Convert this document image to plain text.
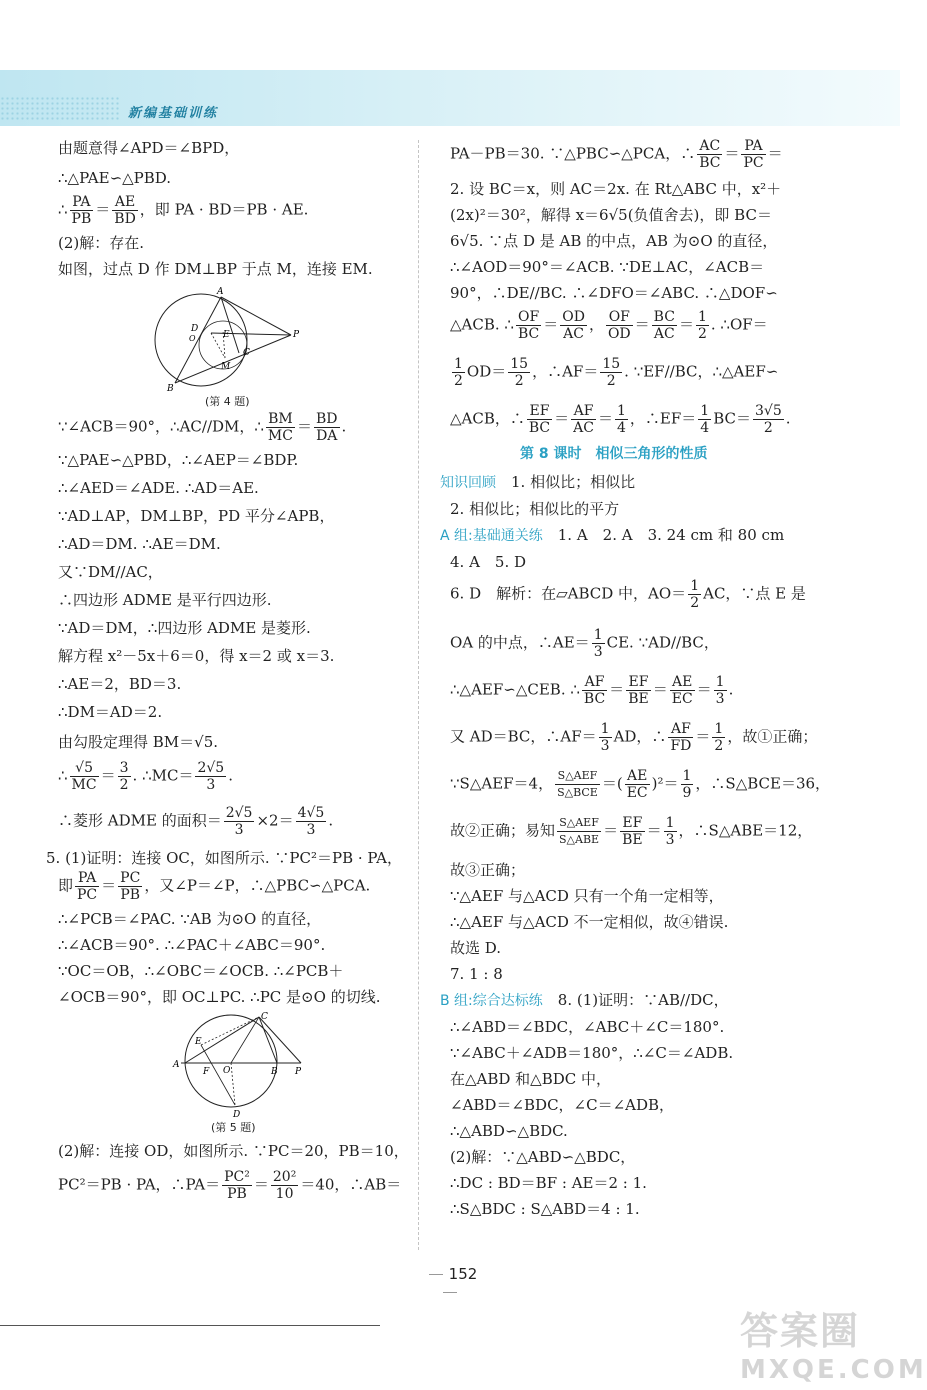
新编基础训练
由题意得∠APD＝∠BPD，
∴△PAE∽△PBD.
∴ $\frac{PA}{PB} = \frac{AE}{BD}$ ，即 PA · BD＝PB · AE.
(2)解：存在.
如图，过点 D 作 DM⊥BP 于点 M，连接 EM.
A
D
O	E
C
M
B
P
(第 4 题)
∵∠ACB＝90°，∴AC//DM，∴ $\frac{BM}{MC} = \frac{BD}{DA}$ .
∵△PAE∽△PBD，∴∠AEP＝∠BDP.
∴∠AED＝∠ADE. ∴AD＝AE.
∵AD⊥AP，DM⊥BP，PD 平分∠APB，
∴AD＝DM. ∴AE＝DM.
又∵DM//AC，
∴四边形 ADME 是平行四边形.
∵AD＝DM，∴四边形 ADME 是菱形.
解方程 x²－5x＋6＝0，得 x＝2 或 x＝3.
∴AE＝2，BD＝3.
∴DM＝AD＝2.
由勾股定理得 BM＝√5.
∴ $\frac{√5}{MC} = \frac{3}{2}$ . ∴MC＝ $\frac{2√5}{3}$ .
∴菱形 ADME 的面积＝ $\frac{2√5}{3} \times 2= \frac{4√5}{3}$ .
5. (1)证明：连接 OC，如图所示. ∵PC²＝PB · PA，
即 $\frac{PA}{PC} = \frac{PC}{PB}$ ，又∠P＝∠P，∴△PBC∽△PCA.
∴∠PCB＝∠PAC. ∵AB 为⊙O 的直径，
∴∠ACB＝90°. ∴∠PAC＋∠ABC＝90°.
∵OC＝OB，∴∠OBC＝∠OCB. ∴∠PCB＋
∠OCB＝90°，即 OC⊥PC. ∴PC 是⊙O 的切线.
C
E
A
F O	B P
D
(第 5 题)
(2)解：连接 OD，如图所示. ∵PC＝20，PB＝10，
PC²＝PB · PA，∴PA＝ $\frac{\text{PC²}}{PB} = \frac{\text{20²}}{10} =40$，∴AB＝
PA－PB＝30. ∵△PBC∽△PCA，∴ $\frac{AC}{BC} = \frac{PA}{PC}$ ＝
2. 设 BC＝x，则 AC＝2x. 在 Rt△ABC 中，x²＋
(2x)²＝30²，解得 x＝6√5(负值舍去)，即 BC＝
6√5. ∵点 D 是 AB 的中点，AB 为⊙O 的直径，
∴∠AOD＝90°＝∠ACB. ∵DE⊥AC，∠ACB＝
90°，∴DE//BC. ∴∠DFO＝∠ABC. ∴△DOF∽
△ACB. ∴ $\frac{OF}{BC} = \frac{OD}{AC}$ ， $\frac{OF}{OD} = \frac{BC}{AC} = \frac{1}{2}$ . ∴OF＝
$\frac{1}{2} OD= \frac{15}{2}$ ，∴AF＝ $\frac{15}{2}$ . ∵EF//BC，∴△AEF∽
△ACB，∴ $\frac{EF}{BC} = \frac{AF}{AC} = \frac{1}{4}$ ，∴EF＝ $\frac{1}{4} BC= \frac{3√5}{2}$ .
第 8 课时　相似三角形的性质
知识回顾　 1. 相似比；相似比
2. 相似比；相似比的平方
A 组:基础通关练　 1. A　2. A　3. 24 cm 和 80 cm
4. A　5. D
6. D　解析：在▱ABCD 中，$AO= \frac{1}{2}$ AC，∵点 E 是
OA 的中点，∴AE＝ $\frac{1}{3}$ CE. ∵AD//BC，
∴△AEF∽△CEB. ∴ $\frac{AF}{BC} = \frac{EF}{BE} = \frac{AE}{EC} = \frac{1}{3}$ .
又 AD＝BC，∴AF＝ $\frac{1}{3}$ AD，∴ $\frac{AF}{FD} = \frac{1}{2}$ ，故①正确；
∵S△AEF＝4， $\frac{\text{S△AEF}}{\text{S△BCE}}$ ＝( $\frac{AE}{EC} )^2= \frac{1}{9}$ ，∴S△BCE＝36，
故②正确；易知 $\frac{\text{S△AEF}}{\text{S△ABE}} = \frac{EF}{BE} = \frac{1}{3}$ ，∴S△ABE＝12，
故③正确；
∵△AEF 与△ACD 只有一个角一定相等，
∴△AEF 与△ACD 不一定相似，故④错误.
故选 D.
7. 1 : 8
B 组:综合达标练　 8. (1)证明：∵AB//DC，
∴∠ABD＝∠BDC，∠ABC＋∠C＝180°.
∵∠ABC＋∠ADB＝180°，∴∠C＝∠ADB.
在△ABD 和△BDC 中，
∠ABD＝∠BDC，∠C＝∠ADB，
∴△ABD∽△BDC.
(2)解：∵△ABD∽△BDC，
∴DC : BD＝BF : AE＝2 : 1.
∴S△BDC : S△ABD＝4 : 1.
152
答案圈
MXQE.COM
